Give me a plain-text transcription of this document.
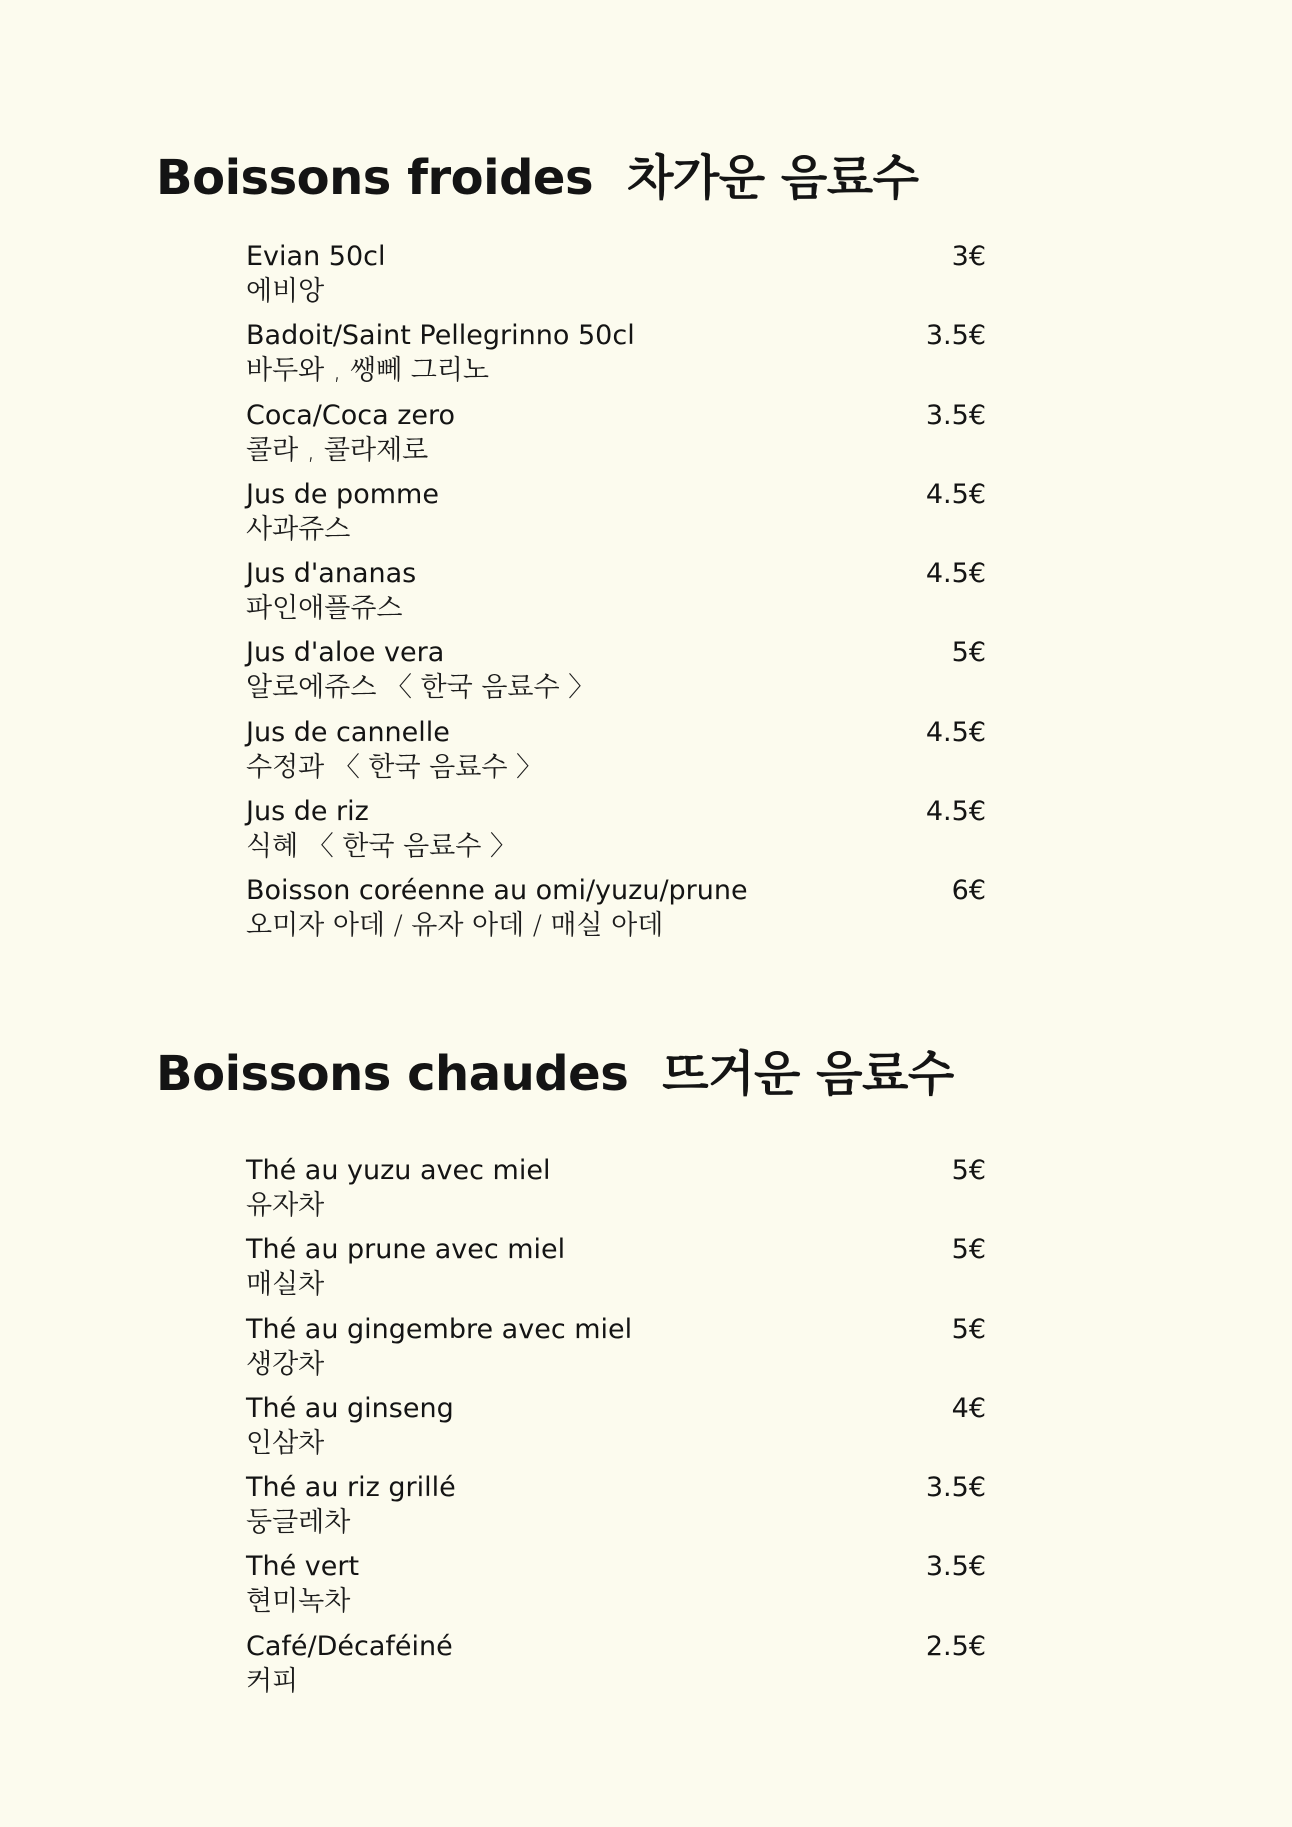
Boissons froides 차가운 음료수
Evian 50cl	3€
에비앙
Badoit/Saint Pellegrinno 50cl	3.5€
바두와 , 쌩뻬 그리노
Coca/Coca zero	3.5€
콜라 , 콜라제로
Jus de pomme	4.5€
사과쥬스
Jus d'ananas	4.5€
파인애플쥬스
Jus d'aloe vera	5€
알로에쥬스 〈 한국 음료수 〉
Jus de cannelle	4.5€
수정과 〈 한국 음료수 〉
Jus de riz	4.5€
식혜 〈 한국 음료수 〉
Boisson coréenne au omi/yuzu/prune	6€
오미자 아데 / 유자 아데 / 매실 아데
Boissons chaudes 뜨거운 음료수
Thé au yuzu avec miel	5€
유자차
Thé au prune avec miel	5€
매실차
Thé au gingembre avec miel	5€
생강차
Thé au ginseng	4€
인삼차
Thé au riz grillé	3.5€
둥글레차
Thé vert	3.5€
현미녹차
Café/Décaféiné	2.5€
커피
